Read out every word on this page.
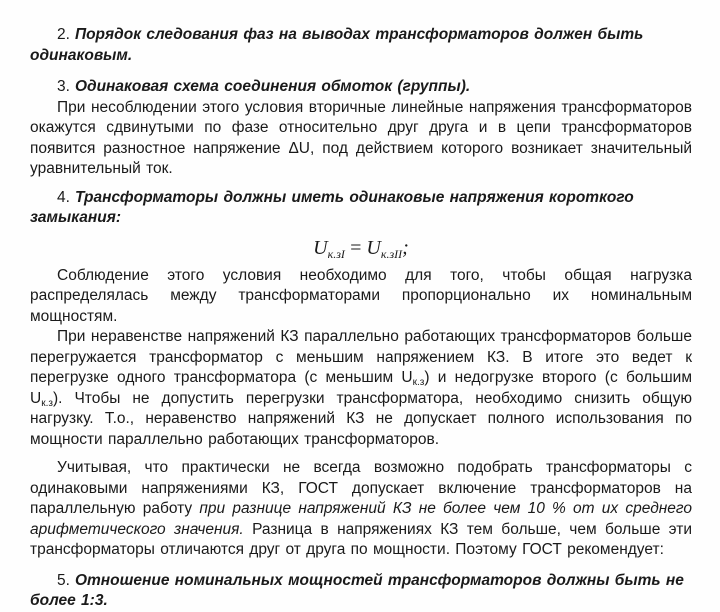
2. Порядок следования фаз на выводах трансформаторов должен быть одинаковым.

3. Одинаковая схема соединения обмоток (группы).

При несоблюдении этого условия вторичные линейные напряжения трансформаторов окажутся сдвинутыми по фазе относительно друг друга и в цепи трансформаторов появится разностное напряжение ΔU, под действием которого возникает значительный уравнительный ток.

4. Трансформаторы должны иметь одинаковые напряжения короткого замыкания:

$U_{к.зI} = U_{к.зII}$;

Соблюдение этого условия необходимо для того, чтобы общая нагрузка распределялась между трансформаторами пропорционально их номинальным мощностям.

При неравенстве напряжений КЗ параллельно работающих трансформаторов больше перегружается трансформатор с меньшим напряжением КЗ. В итоге это ведет к перегрузке одного трансформатора (с меньшим $U_{к.з}$) и недогрузке второго (с большим $U_{к.з}$). Чтобы не допустить перегрузки трансформатора, необходимо снизить общую нагрузку. Т.о., неравенство напряжений КЗ не допускает полного использования по мощности параллельно работающих трансформаторов.

Учитывая, что практически не всегда возможно подобрать трансформаторы с одинаковыми напряжениями КЗ, ГОСТ допускает включение трансформаторов на параллельную работу при разнице напряжений КЗ не более чем 10 % от их среднего арифметического значения. Разница в напряжениях КЗ тем больше, чем больше эти трансформаторы отличаются друг от друга по мощности. Поэтому ГОСТ рекомендует:

5. Отношение номинальных мощностей трансформаторов должны быть не более 1:3.
